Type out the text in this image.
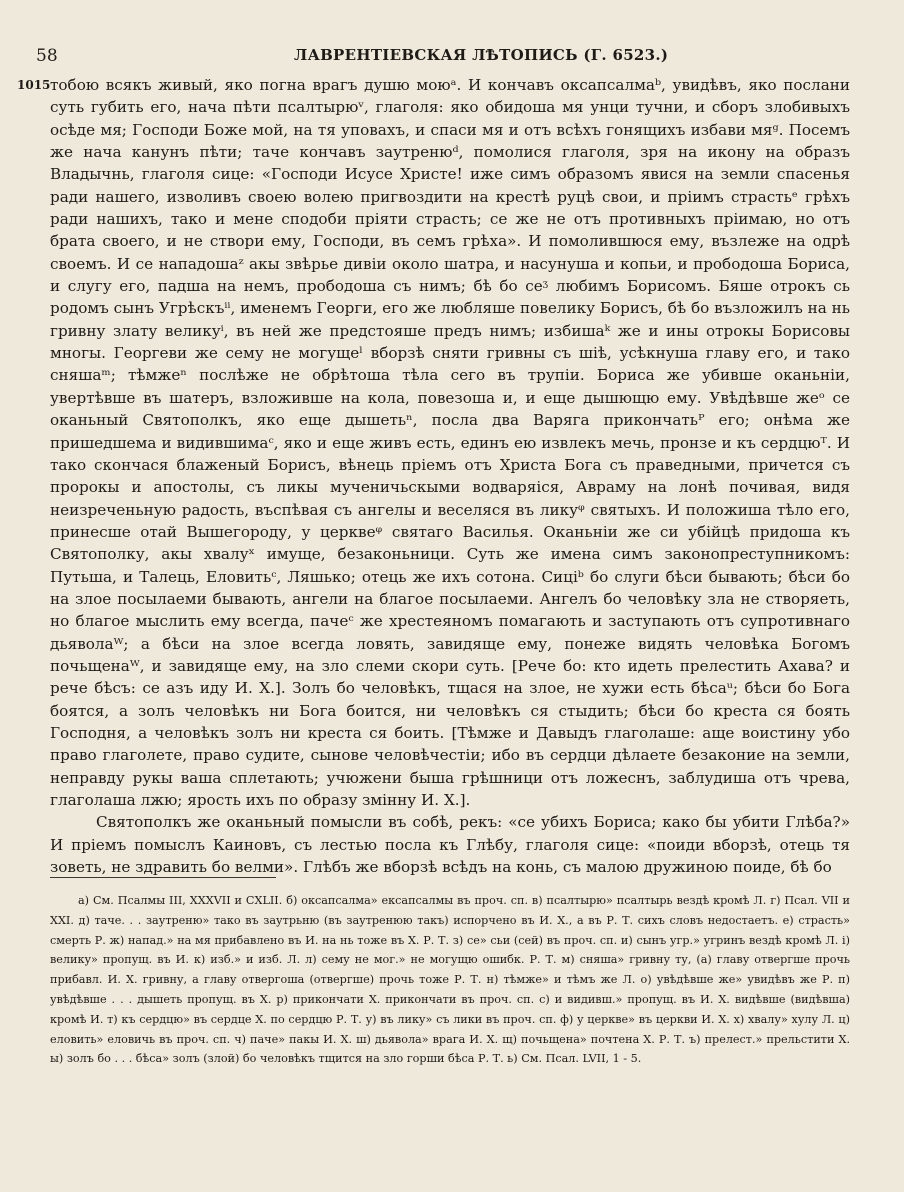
58	ЛАВРЕНТІЕВСКАЯ ЛѢТОПИСЬ (Г. 6523.)
1015 тобою всякъ живый, яко погна врагъ душю моюᵃ. И кончавъ оксапсалмаᵇ, увидѣвъ, яко послани суть губить его, нача пѣти псалтырюᵛ, глаголя: яко обидоша мя унци тучни, и сборъ злобивыхъ осѣде мя; Господи Боже мой, на тя уповахъ, и спаси мя и отъ всѣхъ гонящихъ избави мяᵍ. Посемъ же нача канунъ пѣти; таче кончавъ заутренюᵈ, помолися глаголя, зря на икону на образъ Владычнь, глаголя сице: «Господи Исусе Христе! иже симъ образомъ явися на земли спасенья ради нашего, изволивъ своею волею пригвоздити на крестѣ руцѣ свои, и пріимъ страстьᵉ грѣхъ ради нашихъ, тако и мене сподоби пріяти страсть; се же не отъ противныхъ пріимаю, но отъ брата своего, и не створи ему, Господи, въ семъ грѣха». И помолившюся ему, възлеже на одрѣ своемъ. И се нападошаᶻ акы звѣрье дивіи около шатра, и насунуша и копьи, и прободоша Бориса, и слугу его, падша на немъ, прободоша съ нимъ; бѣ бо сеᶾ любимъ Борисомъ. Бяше отрокъ сь родомъ сынъ Угрѣскъⁱⁱ, именемъ Георги, его же любляше повелику Борисъ, бѣ бо възложилъ на нь гривну злату великуⁱ, въ ней же предстояше предъ нимъ; избишаᵏ же и ины отрокы Борисовы многы. Георгеви же сему не могущеˡ вборзѣ сняти гривны съ шіѣ, усѣкнуша главу его, и тако сняшаᵐ; тѣмжеⁿ послѣже не обрѣтоша тѣла сего въ трупіи. Бориса же убивше оканьніи, увертѣвше въ шатеръ, взложивше на кола, повезоша и, и еще дышющю ему. Увѣдѣвше жеᵒ се оканьный Святополкъ, яко еще дышетьⁿ, посла два Варяга прикончатьᴾ его; онѣма же пришедшема и видившимаᶜ, яко и еще живъ есть, единъ ею извлекъ мечь, пронзе и къ сердцюᵀ. И тако скончася блаженый Борисъ, вѣнець пріемъ отъ Христа Бога съ праведными, причется съ пророкы и апостолы, съ ликы мученичьскыми водваряіся, Авраму на лонѣ почивая, видя неизреченьную радость, въспѣвая съ ангелы и веселяся въ ликуᵠ святыхъ. И положиша тѣло его, принесше отай Вышегороду, у церквеᵠ святаго Василья. Оканьніи же си убійцѣ придоша къ Святополку, акы хвалуˣ имуще, безаконьници. Суть же имена симъ законопреступникомъ: Путьша, и Талець, Еловитьᶜ, Ляшько; отець же ихъ сотона. Сицiᵇ бо слуги бѣси бывають; бѣси бо на злое посылаеми бывають, ангели на благое посылаеми. Ангелъ бо человѣку зла не створяеть, но благое мыслить ему всегда, пачеᶜ же хрестеяномъ помагають и заступають отъ супротивнаго дьяволаᵂ; а бѣси на злое всегда ловять, завидяще ему, понеже видять человѣка Богомъ почьщенаᵂ, и завидяще ему, на зло слеми скори суть. [Рече бо: кто идеть прелестить Ахава? и рече бѣсъ: се азъ иду И. Х.]. Золъ бо человѣкъ, тщася на злое, не хужи есть бѣсаᵘ; бѣси бо Бога боятся, а золъ человѣкъ ни Бога боится, ни человѣкъ ся стыдить; бѣси бо креста ся боять Господня, а человѣкъ золъ ни креста ся боить. [Тѣмже и Давыдъ глаголаше: аще воистину убо право глаголете, право судите, сынове человѣчестіи; ибо въ сердци дѣлаете безаконие на земли, неправду рукы ваша сплетають; учюжени быша грѣшници отъ ложеснъ, заблудиша отъ чрева, глаголаша лжю; ярость ихъ по образу змінну И. Х.].

Святополкъ же оканьный помысли въ собѣ, рекъ: «се убихъ Бориса; како бы убити Глѣба?» И пріемъ помыслъ Каиновъ, съ лестью посла къ Глѣбу, глаголя сице: «поиди вборзѣ, отець тя зоветь, не здравить бо велми». Глѣбъ же вборзѣ всѣдъ на конь, съ малою дружиною поиде, бѣ бо

а) См. Псалмы III, XXXVII и CXLII. б) оксапсалма» ексапсалмы въ проч. сп. в) псалтырю» псалтырь вездѣ кромѣ Л. г) Псал. VII и XXI. д) таче. . . заутреню» тако въ заутрьню (въ заутренюю такъ) испорчено въ И. Х., а въ Р. Т. сихъ словъ недостаетъ. е) страсть» смерть Р. ж) напад.» на мя прибавлено въ И. на нь тоже въ Х. Р. Т. з) се» сьи (сей) въ проч. сп. и) сынъ угр.» угринъ вездѣ кромѣ Л. і) велику» пропущ. въ И. к) изб.» и изб. Л. л) сему не мог.» не могущю ошибк. Р. Т. м) сняша» гривну ту, (а) главу отвергше прочь прибавл. И. Х. гривну, а главу отвергоша (отвергше) прочь тоже Р. Т. н) тѣмже» и тѣмъ же Л. о) увѣдѣвше же» увидѣвъ же Р. п) увѣдѣвше . . . дышеть пропущ. въ Х. р) прикончати Х. прикончати въ проч. сп. с) и видивш.» пропущ. въ И. Х. видѣвше (видѣвша) кромѣ И. т) къ сердцю» въ сердце Х. по сердцю Р. Т. у) въ лику» съ лики въ проч. сп. ф) у церкве» въ церкви И. Х. х) хвалу» хулу Л. ц) еловить» еловичь въ проч. сп. ч) паче» пакы И. Х. ш) дьявола» врага И. Х. щ) почьщена» почтена Х. Р. Т. ъ) прелест.» прельстити Х. ы) золъ бо . . . бѣса» золъ (злой) бо человѣкъ тщится на зло горши бѣса Р. Т. ь) См. Псал. LVII, 1 - 5.
